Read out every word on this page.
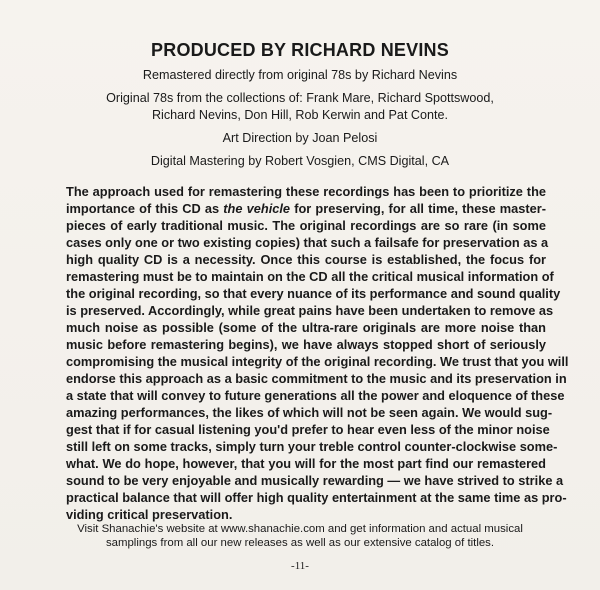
PRODUCED BY RICHARD NEVINS

Remastered directly from original 78s by Richard Nevins

Original 78s from the collections of: Frank Mare, Richard Spottswood,
Richard Nevins, Don Hill, Rob Kerwin and Pat Conte.

Art Direction by Joan Pelosi

Digital Mastering by Robert Vosgien, CMS Digital, CA

The approach used for remastering these recordings has been to prioritize the
importance of this CD as the vehicle for preserving, for all time, these master-
pieces of early traditional music. The original recordings are so rare (in some
cases only one or two existing copies) that such a failsafe for preservation as a
high quality CD is a necessity. Once this course is established, the focus for
remastering must be to maintain on the CD all the critical musical information of
the original recording, so that every nuance of its performance and sound quality
is preserved. Accordingly, while great pains have been undertaken to remove as
much noise as possible (some of the ultra-rare originals are more noise than
music before remastering begins), we have always stopped short of seriously
compromising the musical integrity of the original recording. We trust that you will
endorse this approach as a basic commitment to the music and its preservation in
a state that will convey to future generations all the power and eloquence of these
amazing performances, the likes of which will not be seen again. We would sug-
gest that if for casual listening you'd prefer to hear even less of the minor noise
still left on some tracks, simply turn your treble control counter-clockwise some-
what. We do hope, however, that you will for the most part find our remastered
sound to be very enjoyable and musically rewarding — we have strived to strike a
practical balance that will offer high quality entertainment at the same time as pro-
viding critical preservation.

Visit Shanachie's website at www.shanachie.com and get information and actual musical

samplings from all our new releases as well as our extensive catalog of titles.

-11-
